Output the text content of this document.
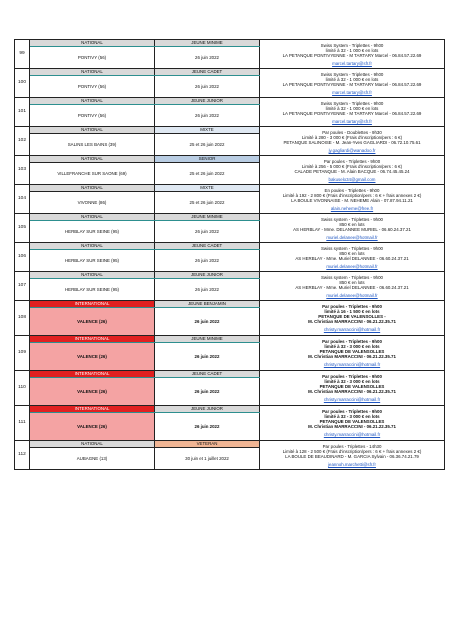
99	NATIONAL	JEUNE MINIME	Swiss System - Triplettes - 9h00
limité à 32 - 1 000 € en lots
LA PETANQUE PONTIVYENNE - M TARTARY Marcel - 06.84.57.22.69
marcel.tartary@sfr.fr

	PONTIVY (56)	26 juin 2022	
100	NATIONAL	JEUNE CADET	Swiss System - Triplettes - 9h00
limité à 32 - 1 000 € en lots
LA PETANQUE PONTIVYENNE - M TARTARY Marcel - 06.84.57.22.69
marcel.tartary@sfr.fr

	PONTIVY (56)	26 juin 2022	
101	NATIONAL	JEUNE JUNIOR	Swiss System - Triplettes - 9h00
limité à 32 - 1 000 € en lots
LA PETANQUE PONTIVYENNE - M TARTARY Marcel - 06.84.57.22.69
marcel.tartary@sfr.fr

	PONTIVY (56)	26 juin 2022	
102	NATIONAL	MIXTE	Par poules - Doublettes - 9h30
Limité à 280 - 3 000 € (Frais d'inscription/pers : 6 €)
PETANQUE SALINOISE - M. Jean-Yves GAGLIARDI - 06.72.10.75.61
jy.gagliardi@wanadoo.fr

	SALINS LES BAINS (39)	25 et 26 juin 2022	
103	NATIONAL	SENIOR	Par poules - Triplettes - 9h00
Limité à 256 - 5 000 € (Frais d'inscription/pers : 6 €)
CALADE PETANQUE - M. Alain BACQUE - 06.74.45.45.24
bakuselo34@gmail.com

	VILLEFRANCHE SUR SAONE (69)	25 et 26 juin 2022	
104	NATIONAL	MIXTE	En poules - Triplettes - 9h00
Limité à 192 - 2 800 € (Frais d'inscription/pers : 6 € + frais annexes 2 €)
LA BOULE VIVONNAISE - M. NEHEME Alain - 07.87.94.11.21
alain.neheme@free.fr

	VIVONNE (86)	25 et 26 juin 2022	
105	NATIONAL	JEUNE MINIME	Swiss system - Triplettes - 9h00
850 € en lots
AS HERBLAY - Mme. DELANNEE MURIEL - 06.60.24.37.21
muriel.delanee@hotmail.fr

	HERBLAY SUR SEINE (95)	26 juin 2022	
106	NATIONAL	JEUNE CADET	Swiss system - Triplettes - 9h00
850 € en lots
AS HERBLAY - Mme. Muriel DELANNEE - 06.60.24.37.21
muriel.delanee@hotmail.fr

	HERBLAY SUR SEINE (95)	26 juin 2022	
107	NATIONAL	JEUNE JUNIOR	Swiss system - Triplettes - 9h00
850 € en lots
AS HERBLAY - Mme. Muriel DELANNEE - 06.60.24.37.21
muriel.delanee@hotmail.fr

	HERBLAY SUR SEINE (95)	26 juin 2022	
108	INTERNATIONAL	JEUNE BENJAMIN	Par poules - Triplettes - 9h00
limité à 16 - 1 500 € en lots
PETANQUE DE VALENSOLLES -
M. Christian MARRACCINI - 06.21.22.35.71
christy.marraccini@hotmail.fr

	VALENCE (26)	26 juin 2022	
109	INTERNATIONAL	JEUNE MINIME	Par poules - Triplettes - 9h00
limité à 32 - 3 000 € en lots
PETANQUE DE VALENSOLLES
M. Christian MARRACCINI - 06.21.22.35.71
christy.marraccini@hotmail.fr

	VALENCE (26)	26 juin 2022	
110	INTERNATIONAL	JEUNE CADET	Par poules - Triplettes - 9h00
limité à 32 - 3 000 € en lots
PETANQUE DE VALENSOLLES
M. Christian MARRACCINI - 06.21.22.35.71
christy.marraccini@hotmail.fr

	VALENCE (26)	26 juin 2022	
111	INTERNATIONAL	JEUNE JUNIOR	Par poules - Triplettes - 9h00
limité à 32 - 3 000 € en lots
PETANQUE DE VALENSOLLES
M. Christian MARRACCINI - 06.21.22.35.71
christy.marraccini@hotmail.fr

	VALENCE (26)	26 juin 2022	
112	NATIONAL	VETERAN	Par poules - Triplettes - 14h30
Limité à 128 - 2 500 € (Frais d'inscription/pers : 6 € + frais annexes 2 €)
LA BOULE DE BEAUDINARD - M. GARCIA Sylvain - 06.36.74.21.79
jeannoh.marchetti@sfr.fr

	AUBAGNE (13)	30 juin et 1 juillet 2022	
